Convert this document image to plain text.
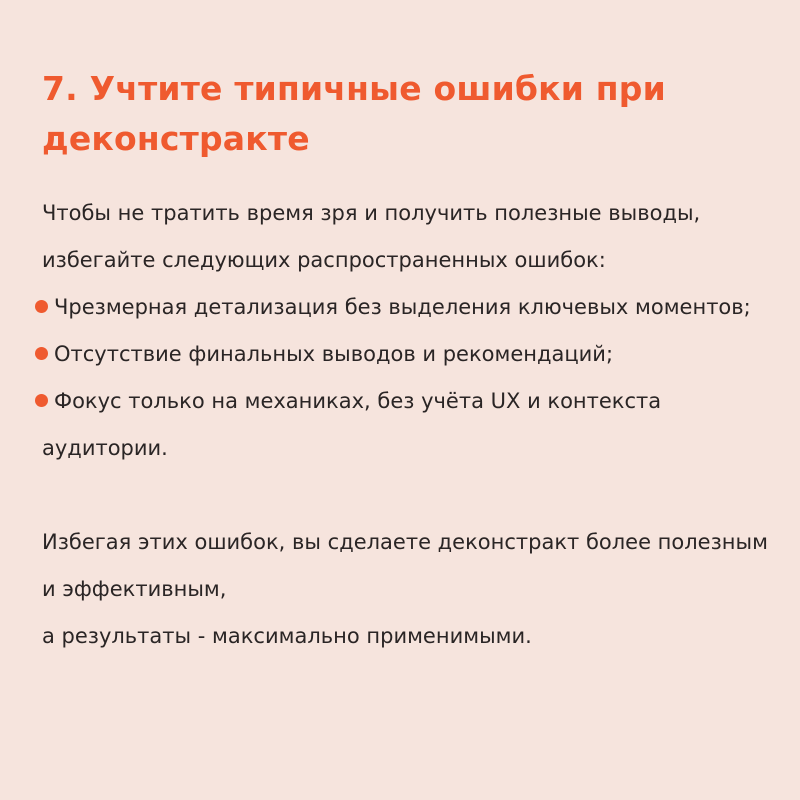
7. Учтите типичные ошибки при деконстракте

Чтобы не тратить время зря и получить полезные выводы, избегайте следующих распространенных ошибок:

Чрезмерная детализация без выделения ключевых моментов;
Отсутствие финальных выводов и рекомендаций;
Фокус только на механиках, без учёта UX и контекста аудитории.

Избегая этих ошибок, вы сделаете деконстракт более полезным и эффективным,
а результаты - максимально применимыми.
